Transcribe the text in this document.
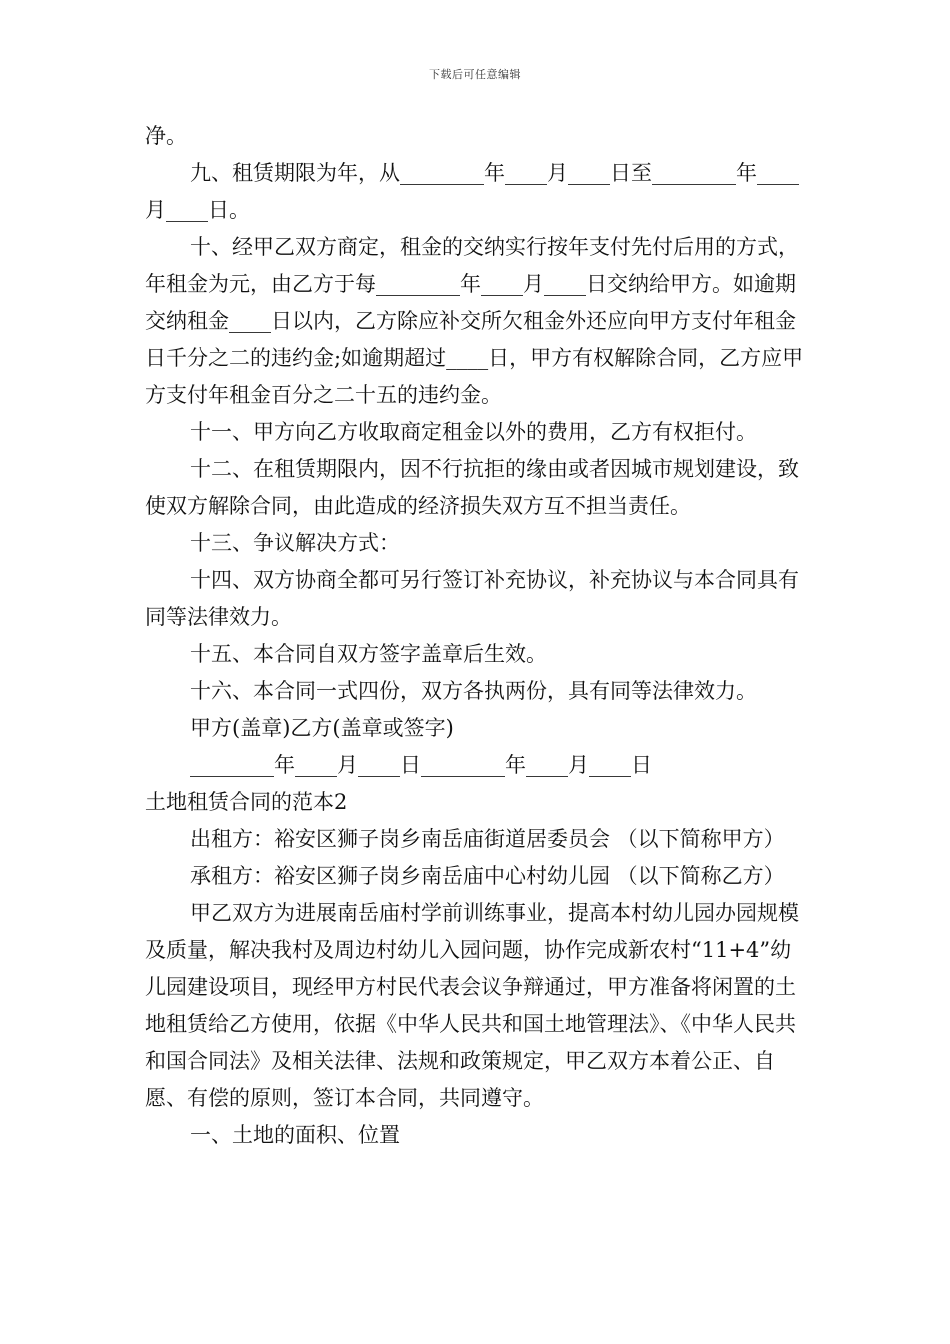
下载后可任意编辑

净。

九、租赁期限为年，从________年____月____日至________年____月____日。

十、经甲乙双方商定，租金的交纳实行按年支付先付后用的方式，年租金为元，由乙方于每________年____月____日交纳给甲方。如逾期交纳租金____日以内，乙方除应补交所欠租金外还应向甲方支付年租金日千分之二的违约金;如逾期超过____日，甲方有权解除合同，乙方应甲方支付年租金百分之二十五的违约金。

十一、甲方向乙方收取商定租金以外的费用，乙方有权拒付。

十二、在租赁期限内，因不行抗拒的缘由或者因城市规划建设，致使双方解除合同，由此造成的经济损失双方互不担当责任。

十三、争议解决方式：

十四、双方协商全都可另行签订补充协议，补充协议与本合同具有同等法律效力。

十五、本合同自双方签字盖章后生效。

十六、本合同一式四份，双方各执两份，具有同等法律效力。

甲方(盖章)乙方(盖章或签字)

________年____月____日________年____月____日

土地租赁合同的范本2

出租方：裕安区狮子岗乡南岳庙街道居委员会 （以下简称甲方）

承租方：裕安区狮子岗乡南岳庙中心村幼儿园 （以下简称乙方）

甲乙双方为进展南岳庙村学前训练事业，提高本村幼儿园办园规模及质量，解决我村及周边村幼儿入园问题，协作完成新农村“11+4”幼儿园建设项目，现经甲方村民代表会议争辩通过，甲方准备将闲置的土地租赁给乙方使用，依据《中华人民共和国土地管理法》、《中华人民共和国合同法》及相关法律、法规和政策规定，甲乙双方本着公正、自愿、有偿的原则，签订本合同，共同遵守。

一、土地的面积、位置
